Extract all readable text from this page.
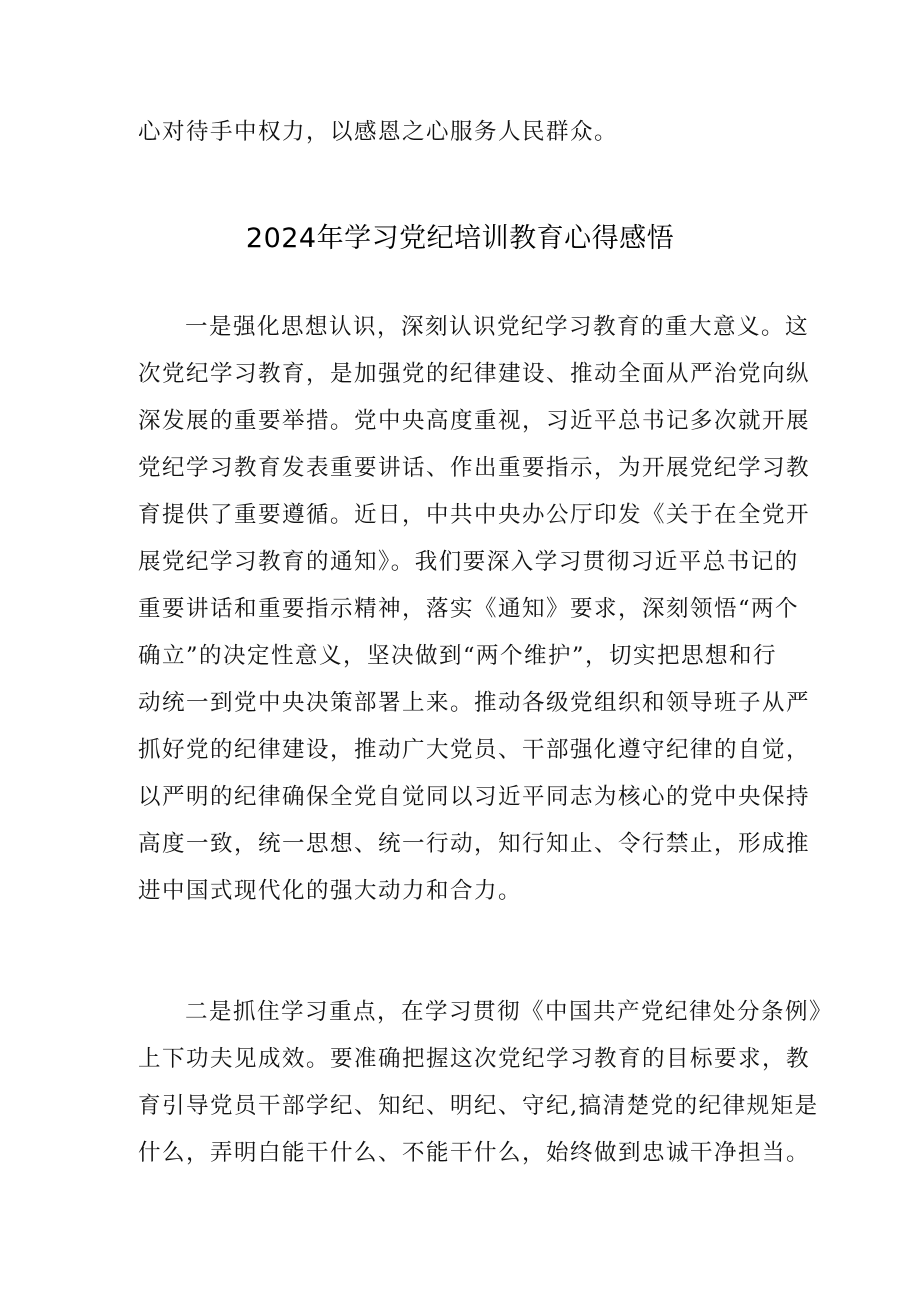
心对待手中权力，以感恩之心服务人民群众。
2024年学习党纪培训教育心得感悟
一是强化思想认识，深刻认识党纪学习教育的重大意义。这
次党纪学习教育，是加强党的纪律建设、推动全面从严治党向纵
深发展的重要举措。党中央高度重视，习近平总书记多次就开展
党纪学习教育发表重要讲话、作出重要指示，为开展党纪学习教
育提供了重要遵循。近日，中共中央办公厅印发《关于在全党开
展党纪学习教育的通知》。我们要深入学习贯彻习近平总书记的
重要讲话和重要指示精神，落实《通知》要求，深刻领悟“两个
确立”的决定性意义，坚决做到“两个维护”，切实把思想和行
动统一到党中央决策部署上来。推动各级党组织和领导班子从严
抓好党的纪律建设，推动广大党员、干部强化遵守纪律的自觉，
以严明的纪律确保全党自觉同以习近平同志为核心的党中央保持
高度一致，统一思想、统一行动，知行知止、令行禁止，形成推
进中国式现代化的强大动力和合力。
二是抓住学习重点，在学习贯彻《中国共产党纪律处分条例》
上下功夫见成效。要准确把握这次党纪学习教育的目标要求，教
育引导党员干部学纪、知纪、明纪、守纪,搞清楚党的纪律规矩是
什么，弄明白能干什么、不能干什么，始终做到忠诚干净担当。
